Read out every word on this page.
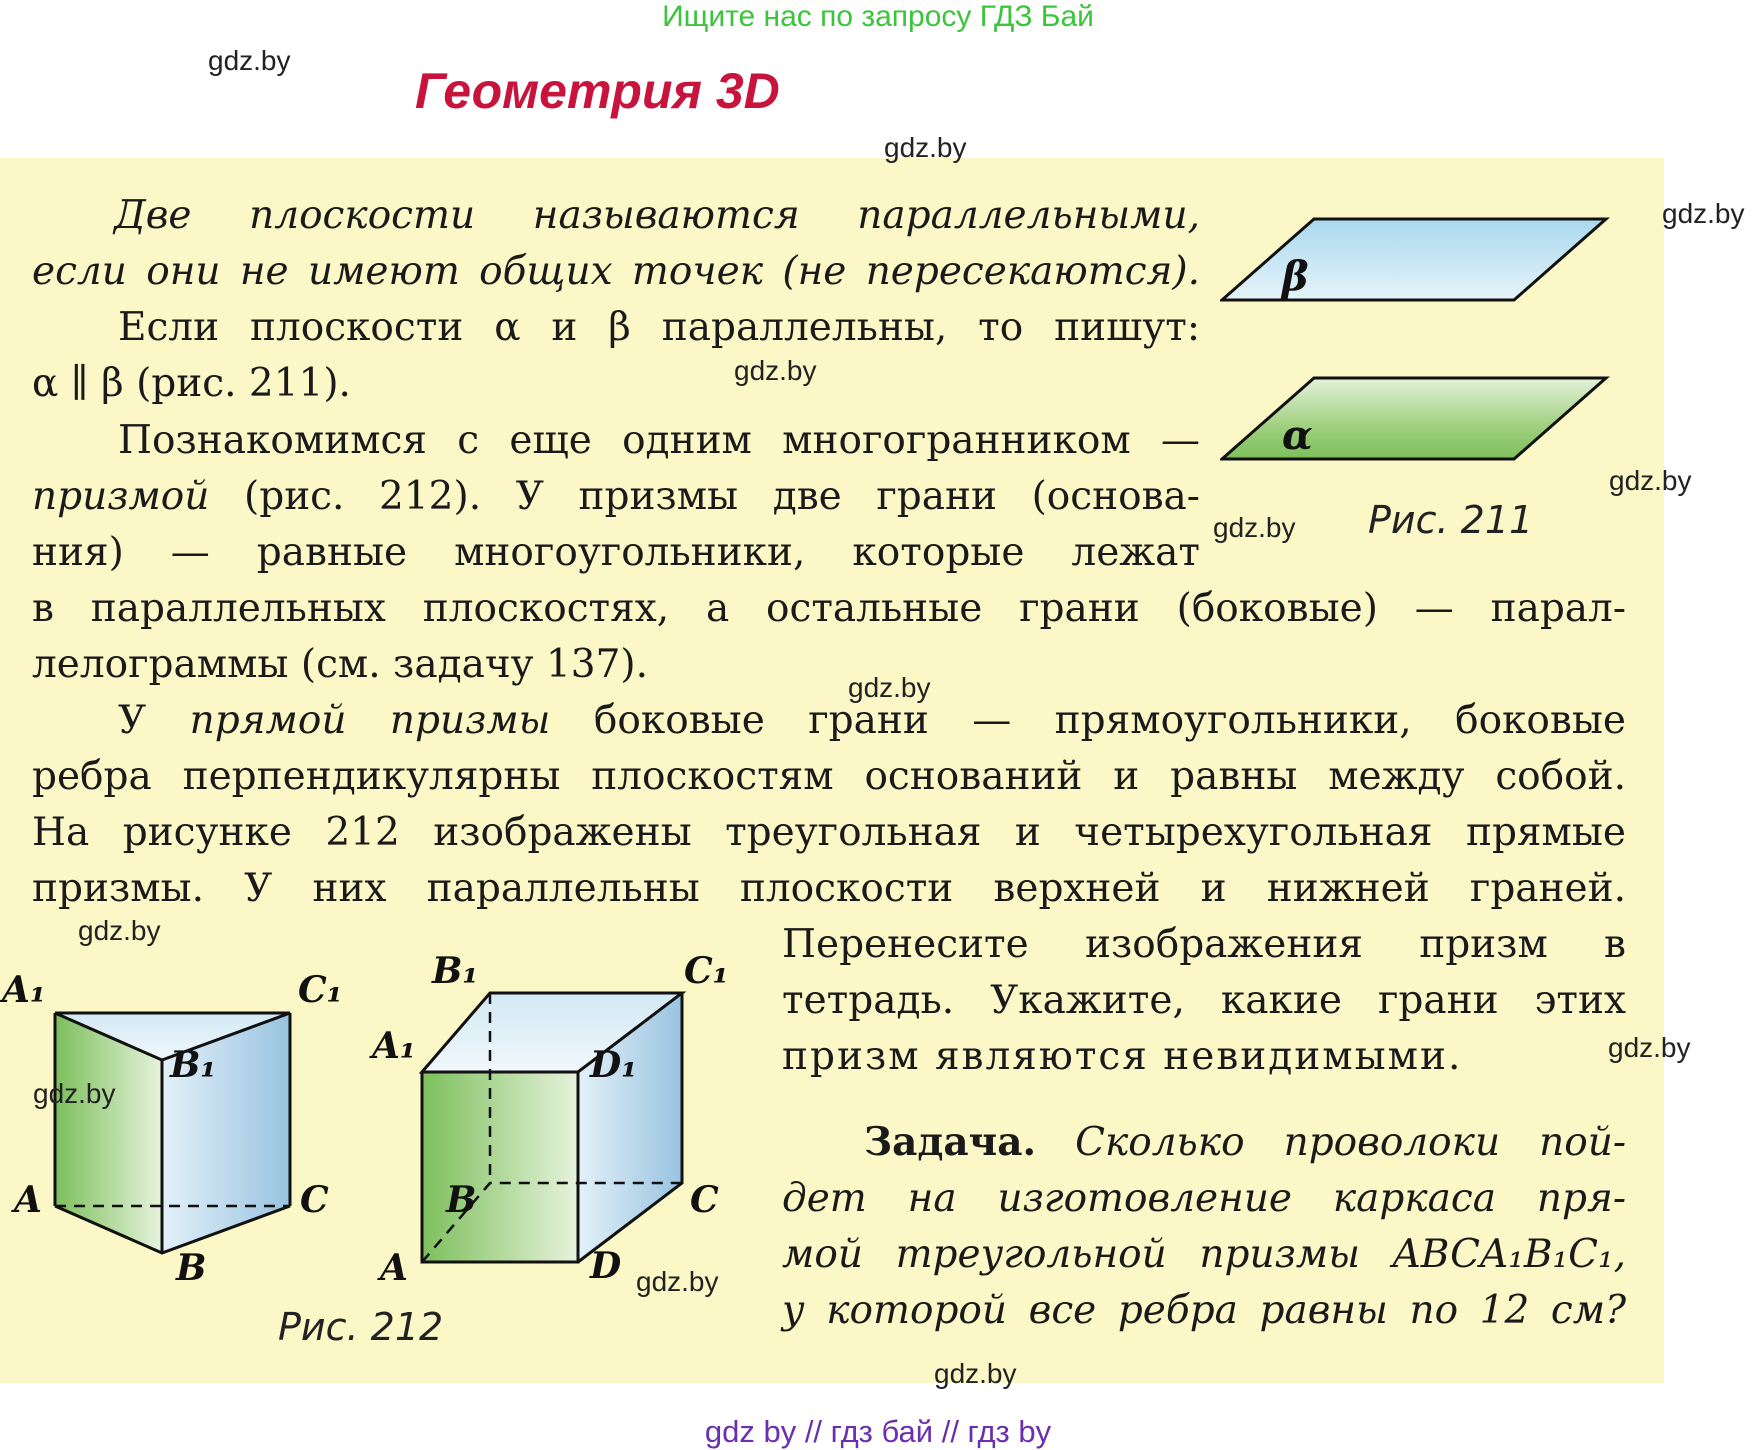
Ищите нас по запросу ГДЗ Бай
gdz.by
Геометрия 3D
gdz.by
gdz.by
Две плоскости называются параллельными,
если они не имеют общих точек (не пересекаются).
Если плоскости α и β параллельны, то пишут:
α ∥ β (рис. 211).	gdz.by
Познакомимся с еще одним многогранником —
призмой (рис. 212). У призмы две грани (основа-
ния) — равные многоугольники, которые лежат
в параллельных плоскостях, а остальные грани (боковые) — парал-
лелограммы (см. задачу 137).
gdz.by
gdz.by
gdz.by
У прямой призмы боковые грани — прямоугольники, боковые
ребра перпендикулярны плоскостям оснований и равны между собой.
На рисунке 212 изображены треугольная и четырехугольная прямые
призмы. У них параллельны плоскости верхней и нижней граней.
Перенесите изображения призм в
тетрадь. Укажите, какие грани этих
призм являются невидимыми.	gdz.by
Задача. Сколько проволоки пой-
дет на изготовление каркаса пря-
мой треугольной призмы ABCA₁B₁C₁,
у которой все ребра равны по 12 см?
β
α
Рис. 211
A₁	C₁
B₁
A	C
B
B₁	C₁
A₁	D₁
B	C
A	D
gdz.by
gdz.by
gdz.by
Рис. 212
gdz.by
gdz by // гдз бай // гдз by
